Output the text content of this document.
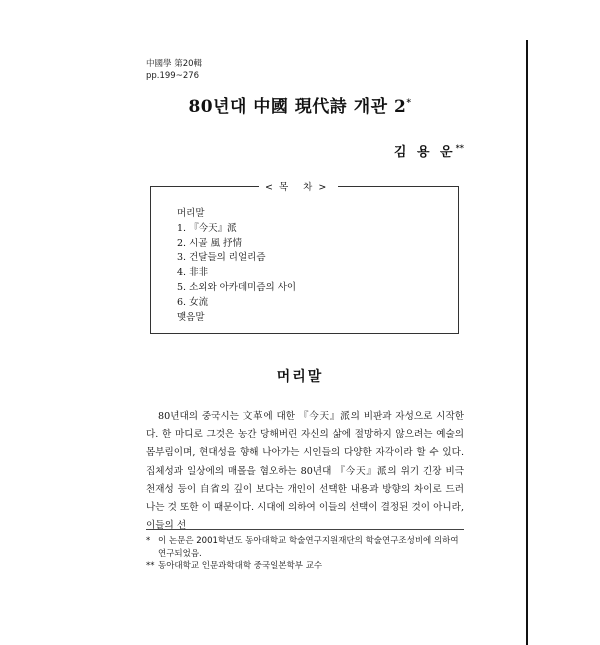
中國學 第20輯
pp.199~276
80년대 中國 現代詩 개관 2*
김 용 운**
<목 차>
머리말
1. 『今天』派
2. 시골 風 抒情
3. 건달들의 리얼리즘
4. 非非
5. 소외와 아카데미즘의 사이
6. 女流
맺음말
머리말
80년대의 중국시는 文革에 대한 『今天』派의 비판과 자성으로 시작한다. 한 마디로 그것은 농간 당해버린 자신의 삶에 절망하지 않으려는 예술의 몸부림이며, 현대성을 향해 나아가는 시인들의 다양한 자각이라 할 수 있다. 집체성과 일상에의 매몰을 혐오하는 80년대 『今天』派의 위기 긴장 비극 천재성 등이 自省의 깊이 보다는 개인이 선택한 내용과 방향의 차이로 드러나는 것 또한 이 때문이다. 시대에 의하여 이들의 선택이 결정된 것이 아니라, 이들의 선
* 이 논문은 2001학년도 동아대학교 학술연구지원재단의 학술연구조성비에 의하여 연구되었음.
** 동아대학교 인문과학대학 중국일본학부 교수
